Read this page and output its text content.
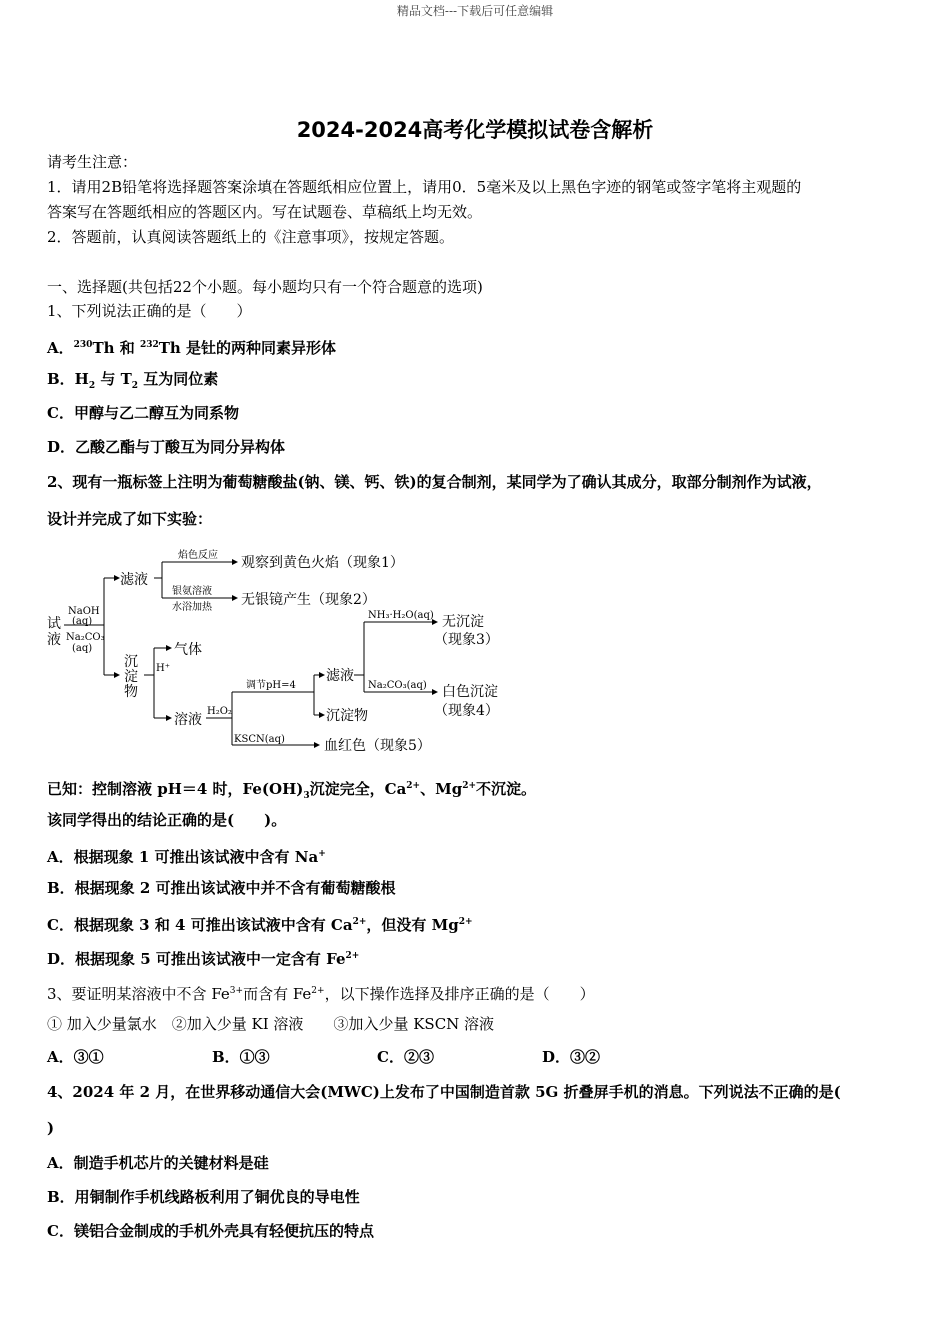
精品文档---下载后可任意编辑
2024-2024高考化学模拟试卷含解析
请考生注意：
1．请用2B铅笔将选择题答案涂填在答题纸相应位置上，请用0．5毫米及以上黑色字迹的钢笔或签字笔将主观题的
答案写在答题纸相应的答题区内。写在试题卷、草稿纸上均无效。
2．答题前，认真阅读答题纸上的《注意事项》，按规定答题。
一、选择题(共包括22个小题。每小题均只有一个符合题意的选项)
1、下列说法正确的是（　　）
A．$^{230}$Th 和 $^{232}$Th 是钍的两种同素异形体
B．$H_2$ 与 $T_2$ 互为同位素
C．甲醇与乙二醇互为同系物
D．乙酸乙酯与丁酸互为同分异构体
2、现有一瓶标签上注明为葡萄糖酸盐(钠、镁、钙、铁)的复合制剂，某同学为了确认其成分，取部分制剂作为试液，
设计并完成了如下实验：
试
液
滤液
观察到黄色火焰（现象1）
无银镜产生（现象2）
沉
淀
物
气体
溶液
滤液
沉淀物
无沉淀
（现象3）
白色沉淀
（现象4）
血红色（现象5）
NaOH
(aq)
Na₂CO₃
(aq)
焰色反应
银氨溶液
水浴加热
H⁺
H₂O₂
调节pH=4
KSCN(aq)
NH₃·H₂O(aq)
Na₂CO₃(aq)
已知：控制溶液 pH＝4 时，$Fe(OH)_3$沉淀完全，$Ca^{2+}$、$Mg^{2+}$不沉淀。
该同学得出的结论正确的是(　　)。
A．根据现象 1 可推出该试液中含有 Na+
B．根据现象 2 可推出该试液中并不含有葡萄糖酸根
C．根据现象 3 和 4 可推出该试液中含有 $Ca^{2+}$，但没有 $Mg^{2+}$
D．根据现象 5 可推出该试液中一定含有 $Fe^{2+}$
3、要证明某溶液中不含 $Fe^{3+}$而含有 $Fe^{2+}$，以下操作选择及排序正确的是（　　）
① 加入少量氯水　②加入少量 KI 溶液　　③加入少量 KSCN 溶液
A．③①	B．①③	C．②③	D．③②
4、2024 年 2 月，在世界移动通信大会(MWC)上发布了中国制造首款 5G 折叠屏手机的消息。下列说法不正确的是(
)
A．制造手机芯片的关键材料是硅
B．用铜制作手机线路板利用了铜优良的导电性
C．镁铝合金制成的手机外壳具有轻便抗压的特点
